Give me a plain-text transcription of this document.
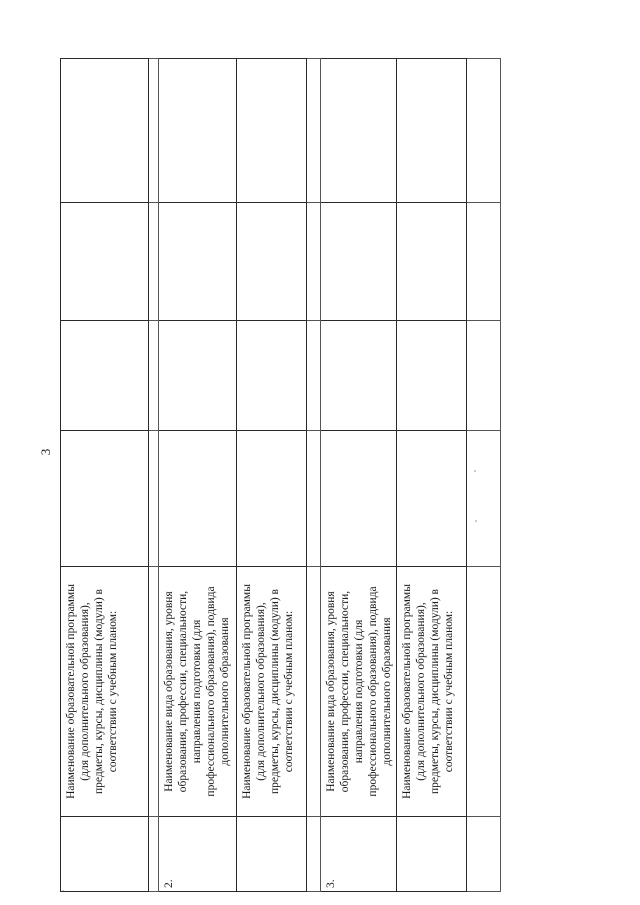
3
	Наименование образовательной программы (для дополнительного образования), предметы, курсы, дисциплины (модули) в соответствии с учебным планом:				

2.	Наименование вида образования, уровня образования, профессии, специальности, направления подготовки (для профессионального образования), подвида дополнительного образования				
	Наименование образовательной программы (для дополнительного образования), предметы, курсы, дисциплины (модули) в соответствии с учебным планом:				

3.	Наименование вида образования, уровня образования, профессии, специальности, направления подготовки (для профессионального образования), подвида дополнительного образования				
	Наименование образовательной программы (для дополнительного образования), предметы, курсы, дисциплины (модули) в соответствии с учебным планом:				
